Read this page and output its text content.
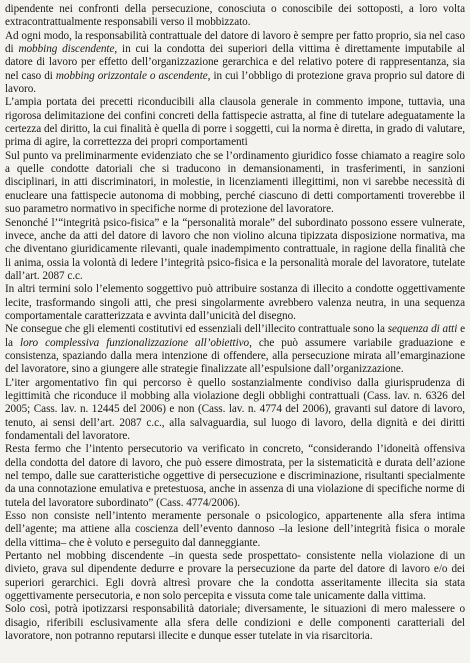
dipendente nei confronti della persecuzione, conosciuta o conoscibile dei sottoposti, a loro volta extracontrattualmente responsabili verso il mobbizzato.

Ad ogni modo, la responsabilità contrattuale del datore di lavoro è sempre per fatto proprio, sia nel caso di mobbing discendente, in cui la condotta dei superiori della vittima è direttamente imputabile al datore di lavoro per effetto dell’organizzazione gerarchica e del relativo potere di rappresentanza, sia nel caso di mobbing orizzontale o ascendente, in cui l’obbligo di protezione grava proprio sul datore di lavoro.

L’ampia portata dei precetti riconducibili alla clausola generale in commento impone, tuttavia, una rigorosa delimitazione dei confini concreti della fattispecie astratta, al fine di tutelare adeguatamente la certezza del diritto, la cui finalità è quella di porre i soggetti, cui la norma è diretta, in grado di valutare, prima di agire, la correttezza dei propri comportamenti

Sul punto va preliminarmente evidenziato che se l’ordinamento giuridico fosse chiamato a reagire solo a quelle condotte datoriali che si traducono in demansionamenti, in trasferimenti, in sanzioni disciplinari, in atti discriminatori, in molestie, in licenziamenti illegittimi, non vi sarebbe necessità di enucleare una fattispecie autonoma di mobbing, perché ciascuno di detti comportamenti troverebbe il suo parametro normativo in specifiche norme di protezione del lavoratore.

Senonché l’“integrità psico-fisica” e la “personalità morale” del subordinato possono essere vulnerate, invece, anche da atti del datore di lavoro che non violino alcuna tipizzata disposizione normativa, ma che diventano giuridicamente rilevanti, quale inadempimento contrattuale, in ragione della finalità che li anima, ossia la volontà di ledere l’integrità psico-fisica e la personalità morale del lavoratore, tutelate dall’art. 2087 c.c.

In altri termini solo l’elemento soggettivo può attribuire sostanza di illecito a condotte oggettivamente lecite, trasformando singoli atti, che presi singolarmente avrebbero valenza neutra, in una sequenza comportamentale caratterizzata e avvinta dall’unicità del disegno.

Ne consegue che gli elementi costitutivi ed essenziali dell’illecito contrattuale sono la sequenza di atti e la loro complessiva funzionalizzazione all’obiettivo, che può assumere variabile graduazione e consistenza, spaziando dalla mera intenzione di offendere, alla persecuzione mirata all’emarginazione del lavoratore, sino a giungere alle strategie finalizzate all’espulsione dall’organizzazione.

L’iter argomentativo fin qui percorso è quello sostanzialmente condiviso dalla giurisprudenza di legittimità che riconduce il mobbing alla violazione degli obblighi contrattuali (Cass. lav. n. 6326 del 2005; Cass. lav. n. 12445 del 2006) e non (Cass. lav. n. 4774 del 2006), gravanti sul datore di lavoro, tenuto, ai sensi dell’art. 2087 c.c., alla salvaguardia, sul luogo di lavoro, della dignità e dei diritti fondamentali del lavoratore.

Resta fermo che l’intento persecutorio va verificato in concreto, “considerando l’idoneità offensiva della condotta del datore di lavoro, che può essere dimostrata, per la sistematicità e durata dell’azione nel tempo, dalle sue caratteristiche oggettive di persecuzione e discriminazione, risultanti specialmente da una connotazione emulativa e pretestuosa, anche in assenza di una violazione di specifiche norme di tutela del lavoratore subordinato” (Cass. 4774/2006).

Esso non consiste nell’intento meramente personale o psicologico, appartenente alla sfera intima dell’agente; ma attiene alla coscienza dell’evento dannoso –la lesione dell’integrità fisica o morale della vittima– che è voluto e perseguito dal danneggiante.

Pertanto nel mobbing discendente –in questa sede prospettato- consistente nella violazione di un divieto, grava sul dipendente dedurre e provare la persecuzione da parte del datore di lavoro e/o dei superiori gerarchici. Egli dovrà altresì provare che la condotta asseritamente illecita sia stata oggettivamente persecutoria, e non solo percepita e vissuta come tale unicamente dalla vittima.

Solo così, potrà ipotizzarsi responsabilità datoriale; diversamente, le situazioni di mero malessere o disagio, riferibili esclusivamente alla sfera delle condizioni e delle componenti caratteriali del lavoratore, non potranno reputarsi illecite e dunque esser tutelate in via risarcitoria.
